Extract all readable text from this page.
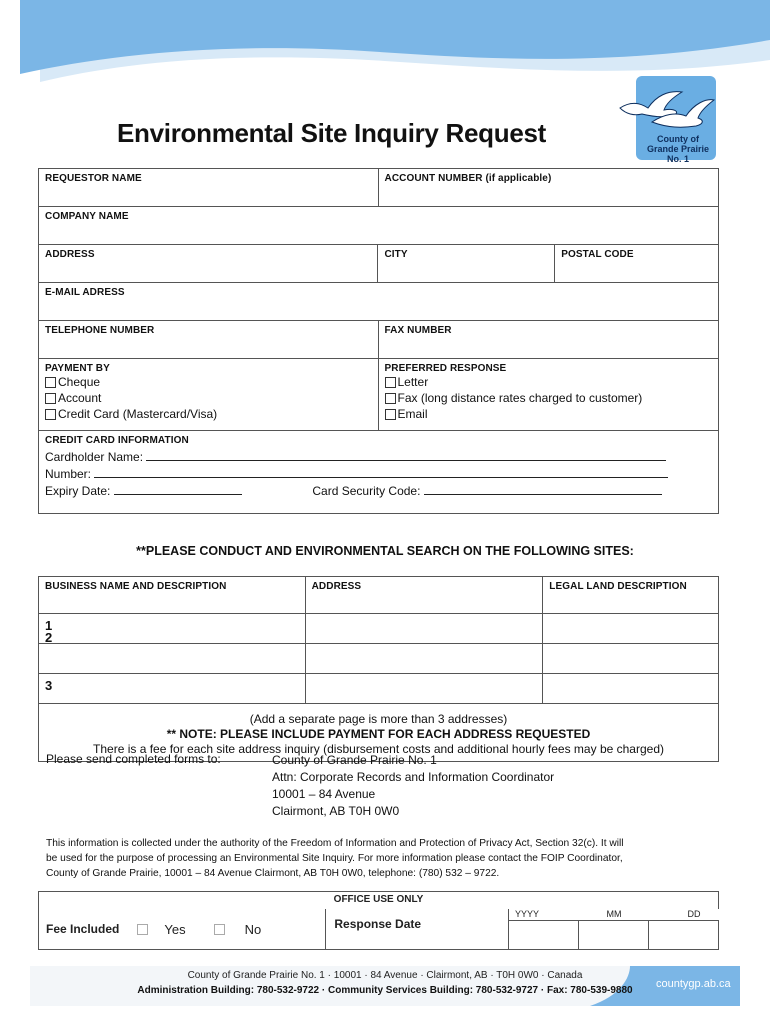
County of
Grande Prairie No. 1
Environmental Site Inquiry Request
REQUESTOR NAME	ACCOUNT NUMBER (if applicable)
COMPANY NAME
ADDRESS	CITY	POSTAL CODE
E-MAIL ADRESS
TELEPHONE NUMBER	FAX NUMBER
PAYMENT BY
Cheque
Account
Credit Card (Mastercard/Visa)
PREFERRED RESPONSE
Letter
Fax (long distance rates charged to customer)
Email
CREDIT CARD INFORMATION
Cardholder Name:
Number:
Expiry Date:	Card Security Code:
**PLEASE CONDUCT AND ENVIRONMENTAL SEARCH ON THE FOLLOWING SITES:
BUSINESS NAME AND DESCRIPTION	ADDRESS	LEGAL LAND DESCRIPTION
1
2
3
(Add a separate page is more than 3 addresses)
** NOTE: PLEASE INCLUDE PAYMENT FOR EACH ADDRESS REQUESTED
There is a fee for each site address inquiry (disbursement costs and additional hourly fees may be charged)
Please send completed forms to:	County of Grande Prairie No. 1
Attn: Corporate Records and Information Coordinator
10001 – 84 Avenue
Clairmont, AB T0H 0W0
This information is collected under the authority of the Freedom of Information and Protection of Privacy Act, Section 32(c). It will
be used for the purpose of processing an Environmental Site Inquiry. For more information please contact the FOIP Coordinator,
County of Grande Prairie, 10001 – 84 Avenue Clairmont, AB T0H 0W0, telephone: (780) 532 – 9722.
OFFICE USE ONLY
Fee Included	Yes	No	Response Date
YYYY	MM	DD
County of Grande Prairie No. 1 · 10001 · 84 Avenue · Clairmont, AB · T0H 0W0 · Canada
Administration Building: 780-532-9722 · Community Services Building: 780-532-9727 · Fax: 780-539-9880
countygp.ab.ca
